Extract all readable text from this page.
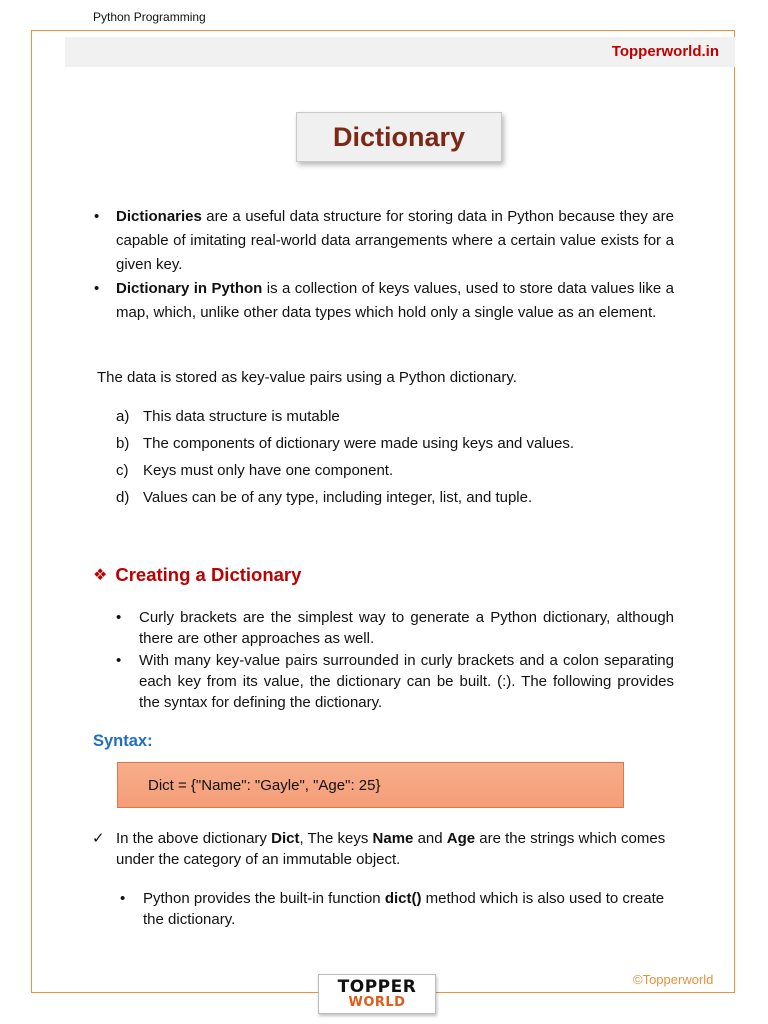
Python Programming
Topperworld.in
Dictionary
• Dictionaries are a useful data structure for storing data in Python because they are capable of imitating real-world data arrangements where a certain value exists for a given key.
• Dictionary in Python is a collection of keys values, used to store data values like a map, which, unlike other data types which hold only a single value as an element.

The data is stored as key-value pairs using a Python dictionary.

a) This data structure is mutable
b) The components of dictionary were made using keys and values.
c) Keys must only have one component.
d) Values can be of any type, including integer, list, and tuple.
❖ Creating a Dictionary
• Curly brackets are the simplest way to generate a Python dictionary, although there are other approaches as well.
• With many key-value pairs surrounded in curly brackets and a colon separating each key from its value, the dictionary can be built. (:). The following provides the syntax for defining the dictionary.
Syntax:
Dict = {"Name": "Gayle", "Age": 25}
✓ In the above dictionary Dict, The keys Name and Age are the strings which comes under the category of an immutable object.
• Python provides the built-in function dict() method which is also used to create the dictionary.
©Topperworld
TOPPER
WORLD
